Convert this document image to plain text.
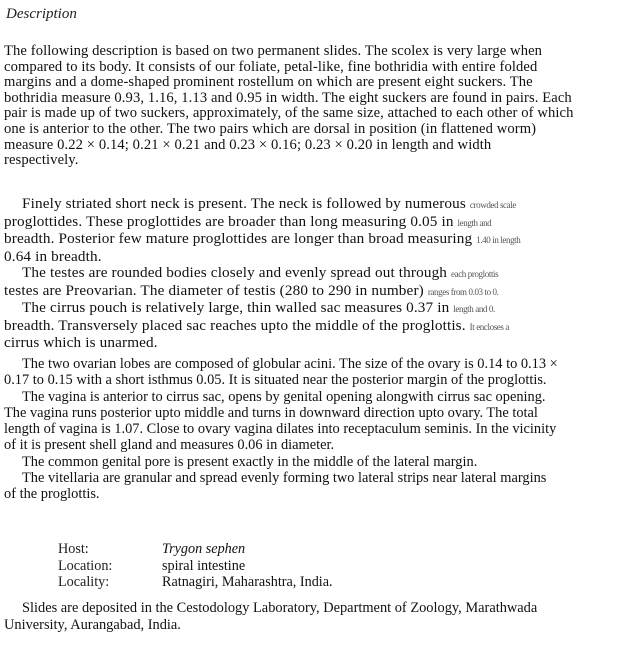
Description
The following description is based on two permanent slides. The scolex is very large when
compared to its body. It consists of our foliate, petal-like, fine bothridia with entire folded
margins and a dome-shaped prominent rostellum on which are present eight suckers. The
bothridia measure 0.93, 1.16, 1.13 and 0.95 in width. The eight suckers are found in pairs. Each
pair is made up of two suckers, approximately, of the same size, attached to each other of which
one is anterior to the other. The two pairs which are dorsal in position (in flattened worm)
measure 0.22 × 0.14; 0.21 × 0.21 and 0.23 × 0.16; 0.23 × 0.20 in length and width
respectively.
Finely striated short neck is present. The neck is followed by numerous crowded scale
proglottides. These proglottides are broader than long measuring 0.05 in length and
breadth. Posterior few mature proglottides are longer than broad measuring 1.40 in length
0.64 in breadth.
The testes are rounded bodies closely and evenly spread out through each proglottis
testes are Preovarian. The diameter of testis (280 to 290 in number) ranges from 0.03 to 0.
The cirrus pouch is relatively large, thin walled sac measures 0.37 in length and 0.
breadth. Transversely placed sac reaches upto the middle of the proglottis. It encloses a
cirrus which is unarmed.
The two ovarian lobes are composed of globular acini. The size of the ovary is 0.14 to 0.13 ×
0.17 to 0.15 with a short isthmus 0.05. It is situated near the posterior margin of the proglottis.
The vagina is anterior to cirrus sac, opens by genital opening alongwith cirrus sac opening.
The vagina runs posterior upto middle and turns in downward direction upto ovary. The total
length of vagina is 1.07. Close to ovary vagina dilates into receptaculum seminis. In the vicinity
of it is present shell gland and measures 0.06 in diameter.
The common genital pore is present exactly in the middle of the lateral margin.
The vitellaria are granular and spread evenly forming two lateral strips near lateral margins
of the proglottis.
Host:	Trygon sephen
Location:	spiral intestine
Locality:	Ratnagiri, Maharashtra, India.
Slides are deposited in the Cestodology Laboratory, Department of Zoology, Marathwada
University, Aurangabad, India.
